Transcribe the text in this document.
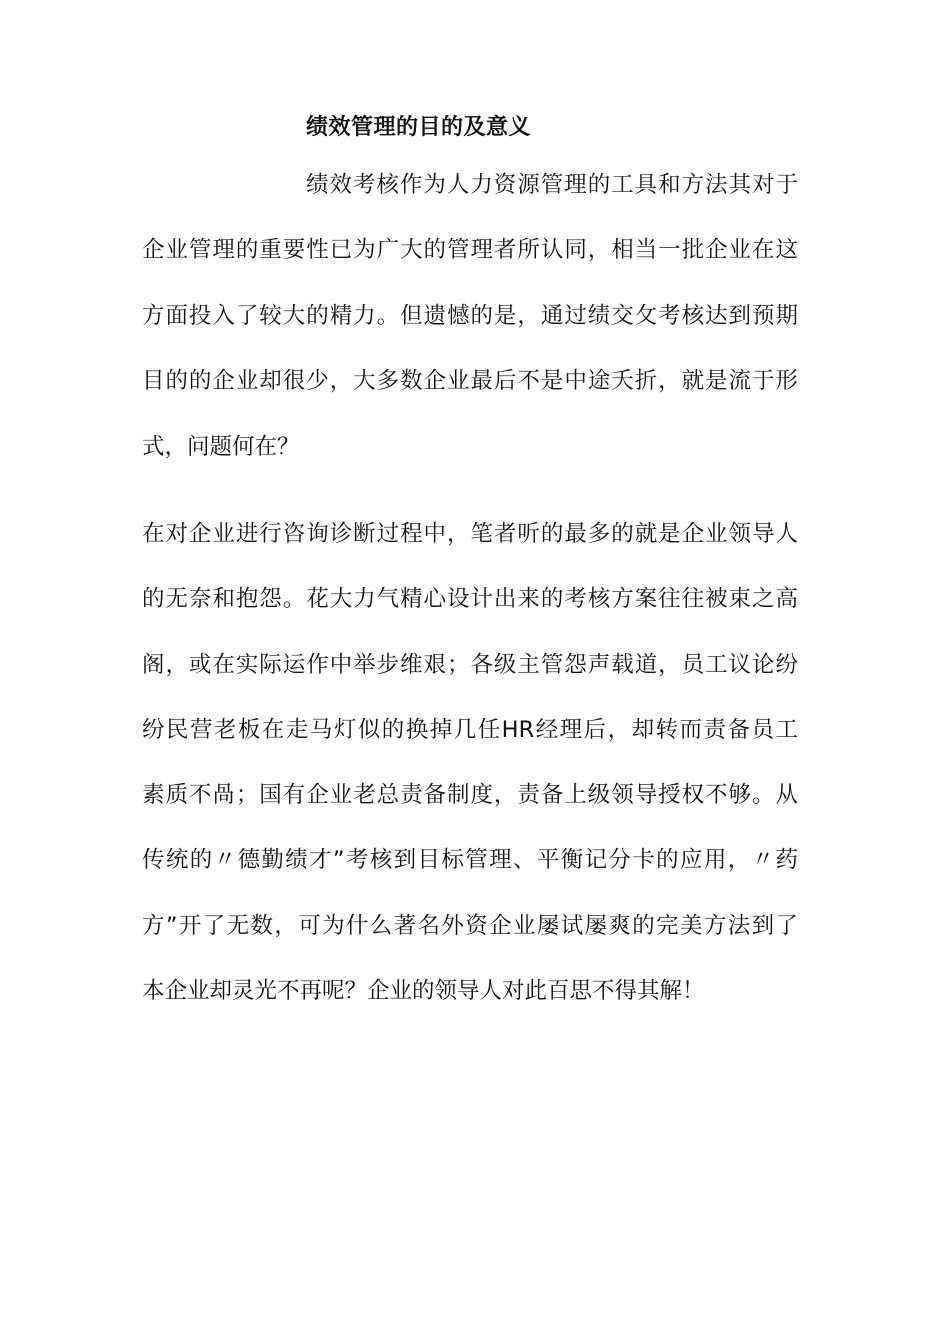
绩效管理的目的及意义
绩效考核作为人力资源管理的工具和方法其对于
企业管理的重要性已为广大的管理者所认同，相当一批企业在这
方面投入了较大的精力。但遗憾的是，通过绩交攵考核达到预期
目的的企业却很少，大多数企业最后不是中途夭折，就是流于形
式，问题何在？
在对企业进行咨询诊断过程中，笔者听的最多的就是企业领导人
的无奈和抱怨。花大力气精心设计出来的考核方案往往被束之高
阁，或在实际运作中举步维艰；各级主管怨声载道，员工议论纷
纷民营老板在走马灯似的换掉几任HR经理后，却转而责备员工
素质不咼；国有企业老总责备制度，责备上级领导授权不够。从
传统的〃德勤绩才”考核到目标管理、平衡记分卡的应用，〃药
方”开了无数，可为什么著名外资企业屡试屡爽的完美方法到了
本企业却灵光不再呢？企业的领导人对此百思不得其解！
